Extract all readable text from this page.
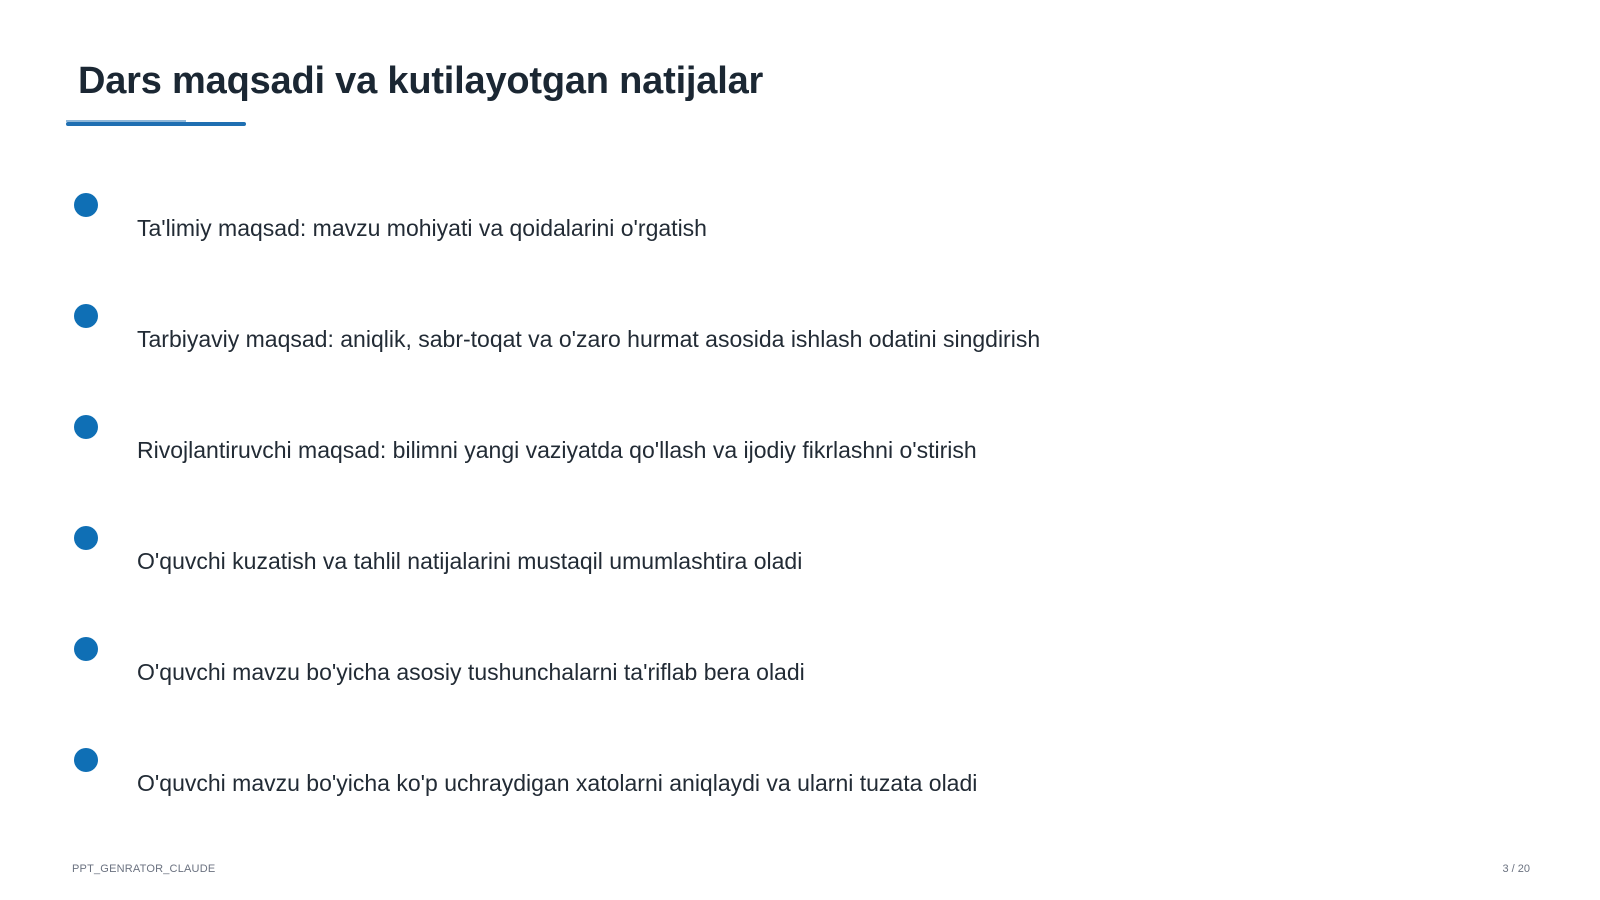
Dars maqsadi va kutilayotgan natijalar
Ta'limiy maqsad: mavzu mohiyati va qoidalarini o'rgatish
Tarbiyaviy maqsad: aniqlik, sabr-toqat va o'zaro hurmat asosida ishlash odatini singdirish
Rivojlantiruvchi maqsad: bilimni yangi vaziyatda qo'llash va ijodiy fikrlashni o'stirish
O'quvchi kuzatish va tahlil natijalarini mustaqil umumlashtira oladi
O'quvchi mavzu bo'yicha asosiy tushunchalarni ta'riflab bera oladi
O'quvchi mavzu bo'yicha ko'p uchraydigan xatolarni aniqlaydi va ularni tuzata oladi
PPT_GENRATOR_CLAUDE	3 / 20
